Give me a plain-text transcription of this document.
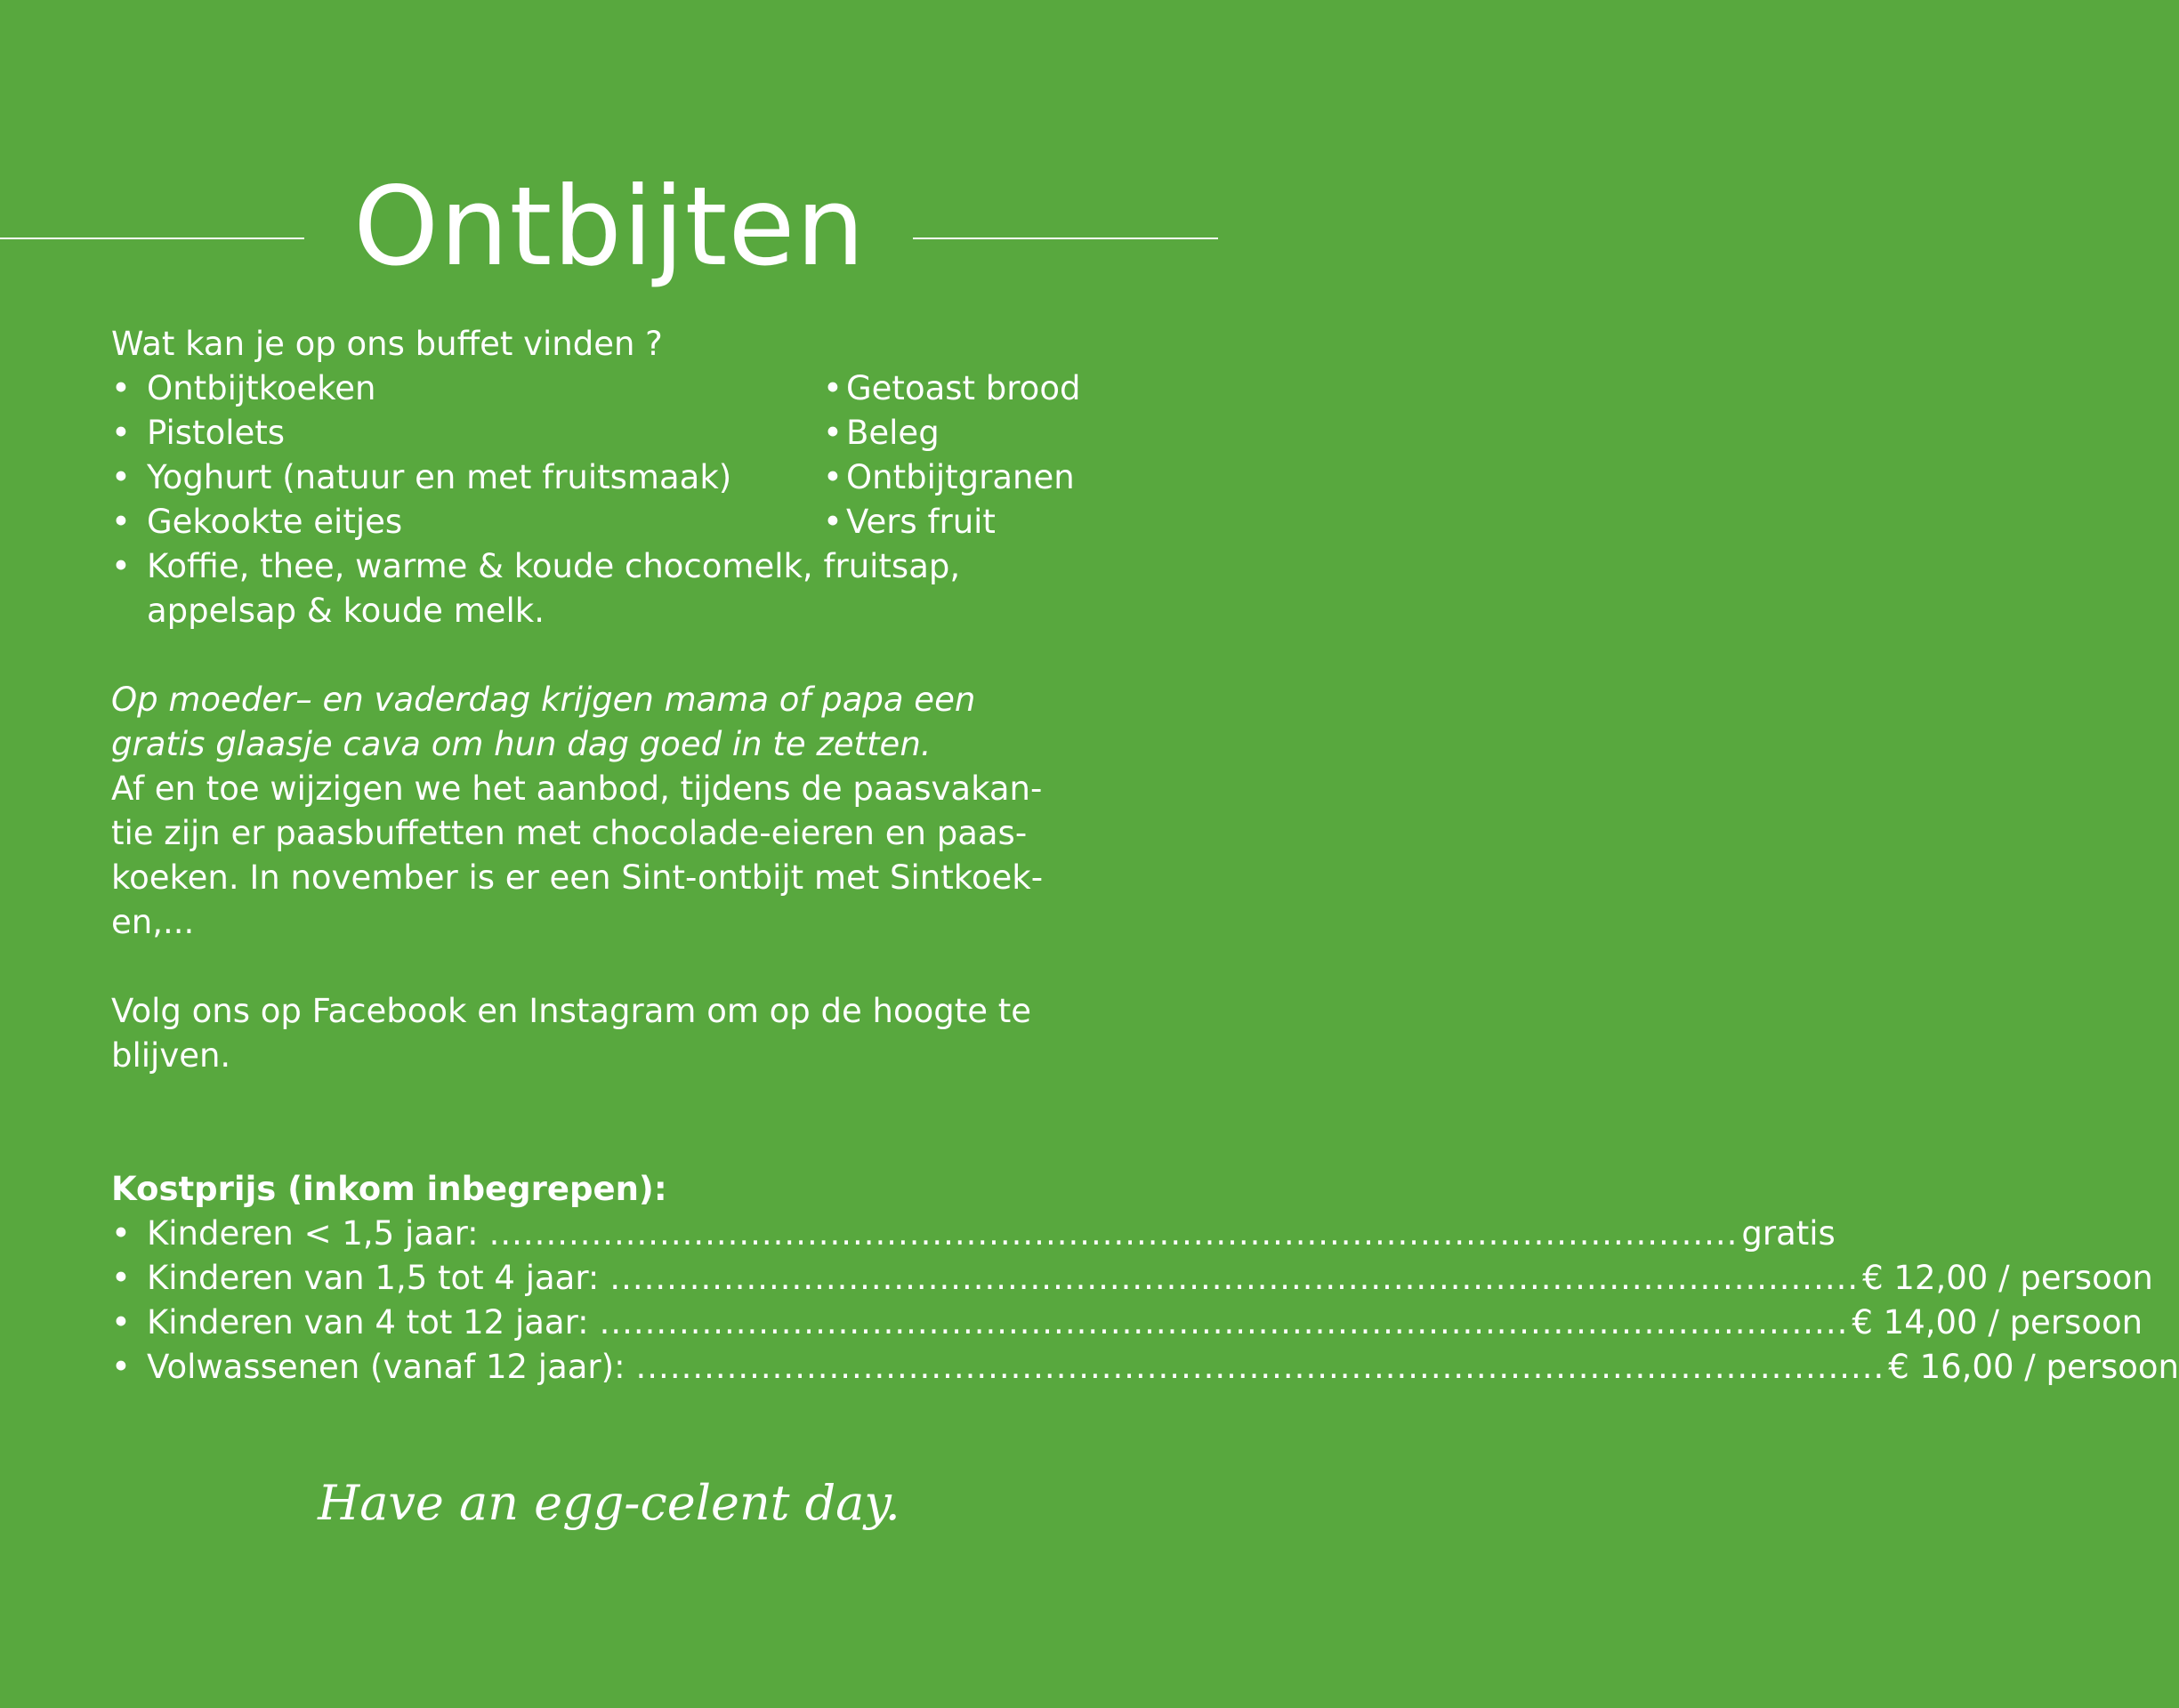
Ontbijten

Wat kan je op ons buffet vinden ?

• Ontbijtkoeken
• Pistolets
• Yoghurt (natuur en met fruitsmaak)
• Gekookte eitjes
• Getoast brood
• Beleg
• Ontbijtgranen
• Vers fruit
• Koffie, thee, warme & koude chocomelk, fruitsap,
appelsap & koude melk.

Op moeder– en vaderdag krijgen mama of papa een

gratis glaasje cava om hun dag goed in te zetten.

Af en toe wijzigen we het aanbod, tijdens de paasvakan-

tie zijn er paasbuffetten met chocolade-eieren en paas-

koeken. In november is er een Sint-ontbijt met Sintkoek-

en,...

Volg ons op Facebook en Instagram om op de hoogte te

blijven.

Kostprijs (inkom inbegrepen):

• Kinderen < 1,5 jaar: .............................................................................................................. gratis
• Kinderen van 1,5 tot 4 jaar: .............................................................................................................. € 12,00 / persoon
• Kinderen van 4 tot 12 jaar: .............................................................................................................. € 14,00 / persoon
• Volwassenen (vanaf 12 jaar): .............................................................................................................. € 16,00 / persoon
Have an egg-celent day.
